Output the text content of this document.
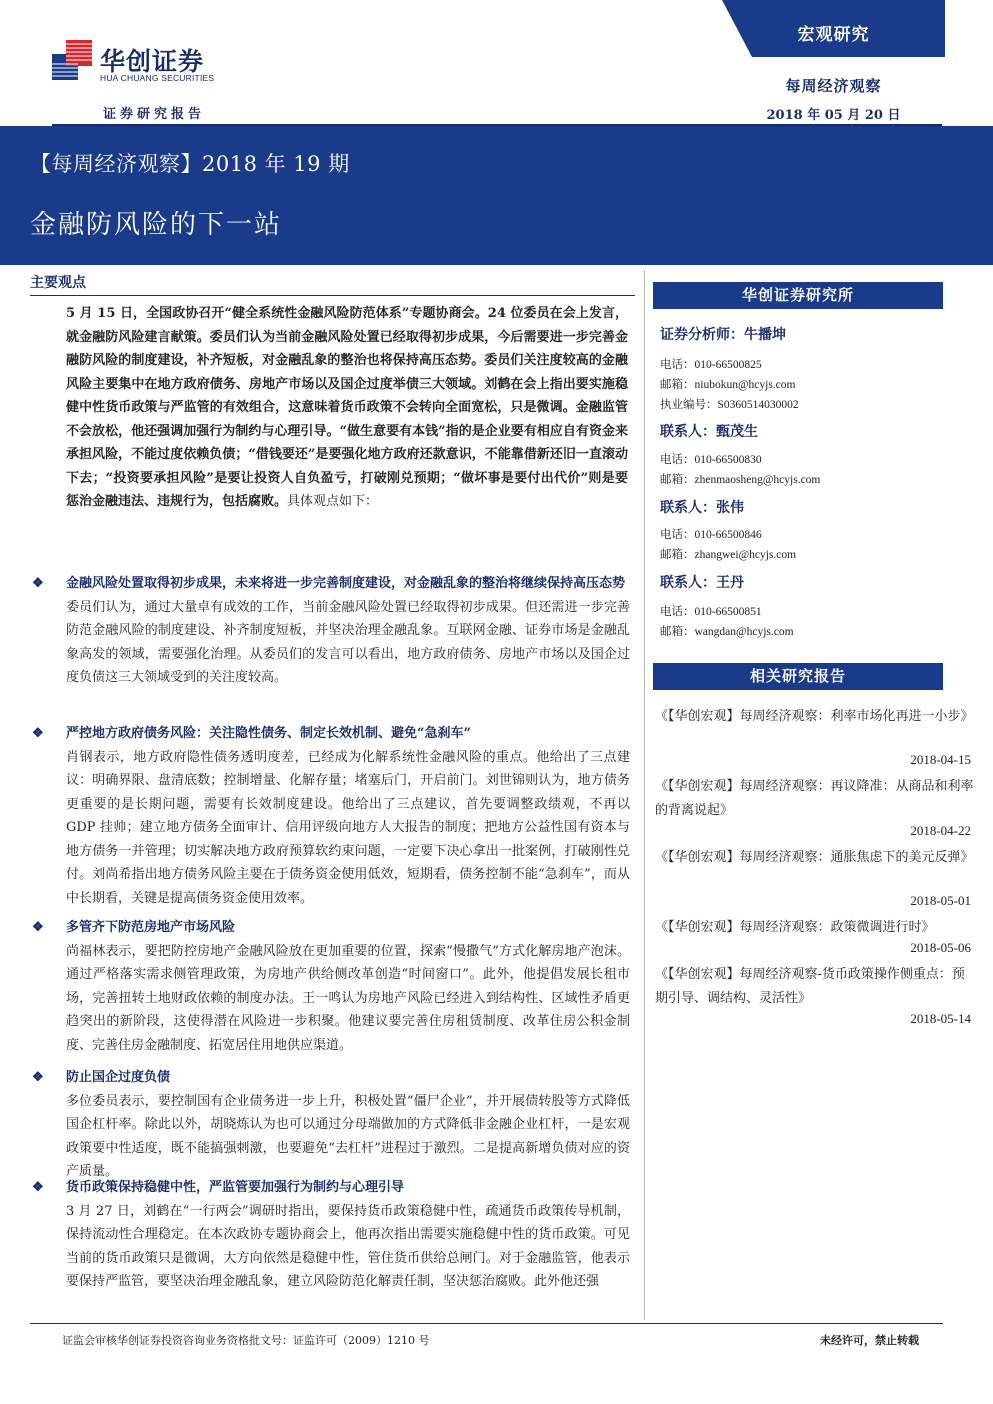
华创证券
HUA CHUANG SECURITIES
证券研究报告
宏观研究
每周经济观察
2018 年 05 月 20 日
【每周经济观察】2018 年 19 期
金融防风险的下一站
主要观点
5 月 15 日，全国政协召开“健全系统性金融风险防范体系”专题协商会。24 位委员在会上发言，就金融防风险建言献策。委员们认为当前金融风险处置已经取得初步成果，今后需要进一步完善金融防风险的制度建设，补齐短板，对金融乱象的整治也将保持高压态势。委员们关注度较高的金融风险主要集中在地方政府债务、房地产市场以及国企过度举债三大领域。刘鹤在会上指出要实施稳健中性货币政策与严监管的有效组合，这意味着货币政策不会转向全面宽松，只是微调。金融监管不会放松，他还强调加强行为制约与心理引导。“做生意要有本钱”指的是企业要有相应自有资金来承担风险，不能过度依赖负债；“借钱要还”是要强化地方政府还款意识，不能靠借新还旧一直滚动下去；“投资要承担风险”是要让投资人自负盈亏，打破刚兑预期；“做坏事是要付出代价”则是要惩治金融违法、违规行为，包括腐败。具体观点如下：
❖ 金融风险处置取得初步成果，未来将进一步完善制度建设，对金融乱象的整治将继续保持高压态势
委员们认为，通过大量卓有成效的工作，当前金融风险处置已经取得初步成果。但还需进一步完善防范金融风险的制度建设、补齐制度短板，并坚决治理金融乱象。互联网金融、证券市场是金融乱象高发的领域，需要强化治理。从委员们的发言可以看出，地方政府债务、房地产市场以及国企过度负债这三大领域受到的关注度较高。
❖ 严控地方政府债务风险：关注隐性债务、制定长效机制、避免“急刹车”
肖钢表示，地方政府隐性债务透明度差，已经成为化解系统性金融风险的重点。他给出了三点建议：明确界限、盘清底数；控制增量、化解存量；堵塞后门，开启前门。刘世锦则认为，地方债务更重要的是长期问题，需要有长效制度建设。他给出了三点建议，首先要调整政绩观，不再以 GDP 挂帅；建立地方债务全面审计、信用评级向地方人大报告的制度；把地方公益性国有资本与地方债务一并管理；切实解决地方政府预算软约束问题，一定要下决心拿出一批案例，打破刚性兑付。刘尚希指出地方债务风险主要在于债务资金使用低效，短期看，债务控制不能“急刹车”，而从中长期看，关键是提高债务资金使用效率。
❖ 多管齐下防范房地产市场风险
尚福林表示，要把防控房地产金融风险放在更加重要的位置，探索“慢撒气”方式化解房地产泡沫。通过严格落实需求侧管理政策，为房地产供给侧改革创造“时间窗口”。此外，他提倡发展长租市场，完善扭转土地财政依赖的制度办法。王一鸣认为房地产风险已经进入到结构性、区域性矛盾更趋突出的新阶段，这使得潜在风险进一步积聚。他建议要完善住房租赁制度、改革住房公积金制度、完善住房金融制度、拓宽居住用地供应渠道。
❖ 防止国企过度负债
多位委员表示，要控制国有企业债务进一步上升，积极处置“僵尸企业”，并开展债转股等方式降低国企杠杆率。除此以外，胡晓炼认为也可以通过分母端做加的方式降低非金融企业杠杆，一是宏观政策要中性适度，既不能搞强刺激，也要避免“去杠杆”进程过于激烈。二是提高新增负债对应的资产质量。
❖ 货币政策保持稳健中性，严监管要加强行为制约与心理引导
3 月 27 日，刘鹤在“一行两会”调研时指出，要保持货币政策稳健中性，疏通货币政策传导机制，保持流动性合理稳定。在本次政协专题协商会上，他再次指出需要实施稳健中性的货币政策。可见当前的货币政策只是微调，大方向依然是稳健中性，管住货币供给总闸门。对于金融监管，他表示要保持严监管，要坚决治理金融乱象，建立风险防范化解责任制，坚决惩治腐败。此外他还强
华创证券研究所
证券分析师：牛播坤
电话：010-66500825
邮箱：niubokun@hcyjs.com
执业编号：S0360514030002
联系人：甄茂生
电话：010-66500830
邮箱：zhenmaosheng@hcyjs.com
联系人：张伟
电话：010-66500846
邮箱：zhangwei@hcyjs.com
联系人：王丹
电话：010-66500851
邮箱：wangdan@hcyjs.com
相关研究报告
《【华创宏观】每周经济观察：利率市场化再进一小步》
2018-04-15
《【华创宏观】每周经济观察：再议降准：从商品和利率的背离说起》
2018-04-22
《【华创宏观】每周经济观察：通胀焦虑下的美元反弹》
2018-05-01
《【华创宏观】每周经济观察：政策微调进行时》
2018-05-06
《【华创宏观】每周经济观察-货币政策操作侧重点：预期引导、调结构、灵活性》
2018-05-14
证监会审核华创证券投资咨询业务资格批文号：证监许可（2009）1210 号	未经许可，禁止转载
